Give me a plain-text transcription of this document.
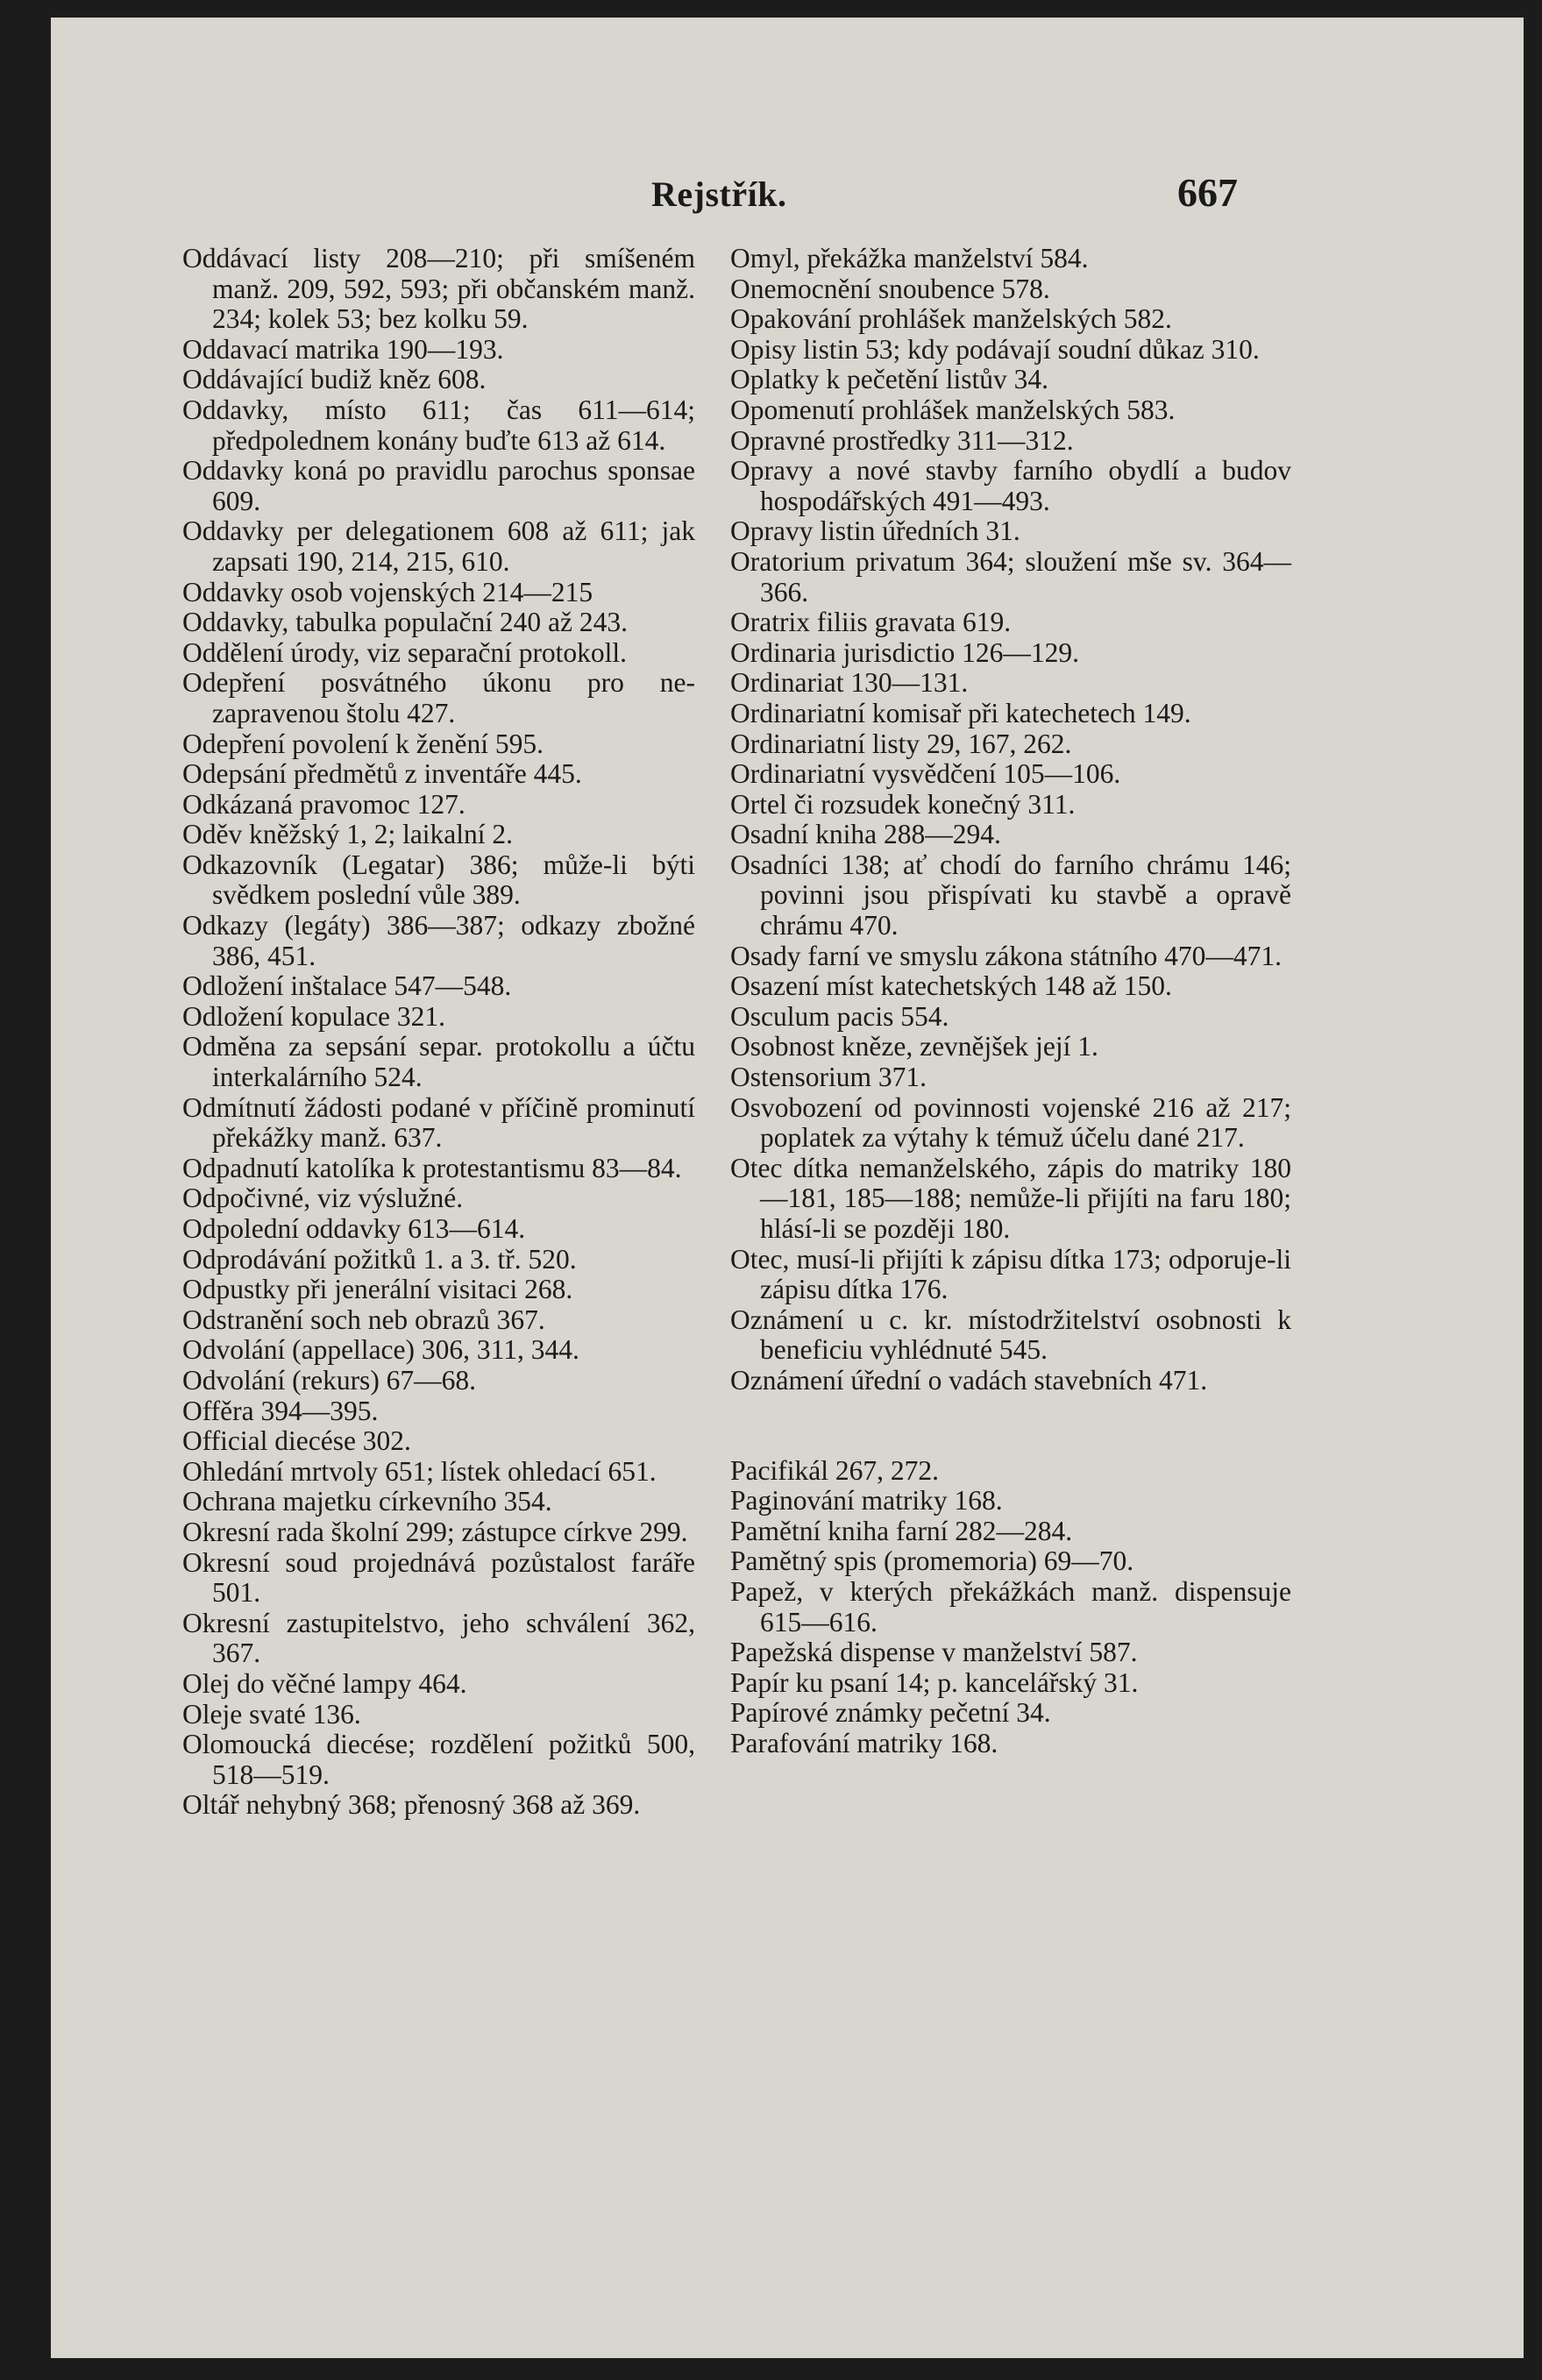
Rejstřík.	667

Oddávací listy 208—210; při smíšeném manž. 209, 592, 593; při občanském manž. 234; kolek 53; bez kolku 59.

Oddavací matrika 190—193.

Oddávající budiž kněz 608.

Oddavky, místo 611; čas 611—614; předpolednem konány buďte 613 až 614.

Oddavky koná po pravidlu parochus sponsae 609.

Oddavky per delegationem 608 až 611; jak zapsati 190, 214, 215, 610.

Oddavky osob vojenských 214—215

Oddavky, tabulka populační 240 až 243.

Oddělení úrody, viz separační protokoll.

Odepření posvátného úkonu pro nezapravenou štolu 427.

Odepření povolení k ženění 595.

Odepsání předmětů z inventáře 445.

Odkázaná pravomoc 127.

Oděv kněžský 1, 2; laikalní 2.

Odkazovník (Legatar) 386; může-li býti svědkem poslední vůle 389.

Odkazy (legáty) 386—387; odkazy zbožné 386, 451.

Odložení inštalace 547—548.

Odložení kopulace 321.

Odměna za sepsání separ. protokollu a účtu interkalárního 524.

Odmítnutí žádosti podané v příčině prominutí překážky manž. 637.

Odpadnutí katolíka k protestantismu 83—84.

Odpočivné, viz výslužné.

Odpolední oddavky 613—614.

Odprodávání požitků 1. a 3. tř. 520.

Odpustky při jenerální visitaci 268.

Odstranění soch neb obrazů 367.

Odvolání (appellace) 306, 311, 344.

Odvolání (rekurs) 67—68.

Offěra 394—395.

Official diecése 302.

Ohledání mrtvoly 651; lístek ohledací 651.

Ochrana majetku církevního 354.

Okresní rada školní 299; zástupce církve 299.

Okresní soud projednává pozůstalost faráře 501.

Okresní zastupitelstvo, jeho schválení 362, 367.

Olej do věčné lampy 464.

Oleje svaté 136.

Olomoucká diecése; rozdělení požitků 500, 518—519.

Oltář nehybný 368; přenosný 368 až 369.

Omyl, překážka manželství 584.

Onemocnění snoubence 578.

Opakování prohlášek manželských 582.

Opisy listin 53; kdy podávají soudní důkaz 310.

Oplatky k pečetění listův 34.

Opomenutí prohlášek manželských 583.

Opravné prostředky 311—312.

Opravy a nové stavby farního obydlí a budov hospodářských 491—493.

Opravy listin úředních 31.

Oratorium privatum 364; sloužení mše sv. 364—366.

Oratrix filiis gravata 619.

Ordinaria jurisdictio 126—129.

Ordinariat 130—131.

Ordinariatní komisař při katechetech 149.

Ordinariatní listy 29, 167, 262.

Ordinariatní vysvědčení 105—106.

Ortel či rozsudek konečný 311.

Osadní kniha 288—294.

Osadníci 138; ať chodí do farního chrámu 146; povinni jsou přispívati ku stavbě a opravě chrámu 470.

Osady farní ve smyslu zákona státního 470—471.

Osazení míst katechetských 148 až 150.

Osculum pacis 554.

Osobnost kněze, zevnějšek její 1.

Ostensorium 371.

Osvobození od povinnosti vojenské 216 až 217; poplatek za výtahy k témuž účelu dané 217.

Otec dítka nemanželského, zápis do matriky 180—181, 185—188; nemůže-li přijíti na faru 180; hlásí-li se později 180.

Otec, musí-li přijíti k zápisu dítka 173; odporuje-li zápisu dítka 176.

Oznámení u c. kr. místodržitelství osobnosti k beneficiu vyhlédnuté 545.

Oznámení úřední o vadách stavebních 471.

Pacifikál 267, 272.

Paginování matriky 168.

Pamětní kniha farní 282—284.

Pamětný spis (promemoria) 69—70.

Papež, v kterých překážkách manž. dispensuje 615—616.

Papežská dispense v manželství 587.

Papír ku psaní 14; p. kancelářský 31.

Papírové známky pečetní 34.

Parafování matriky 168.
